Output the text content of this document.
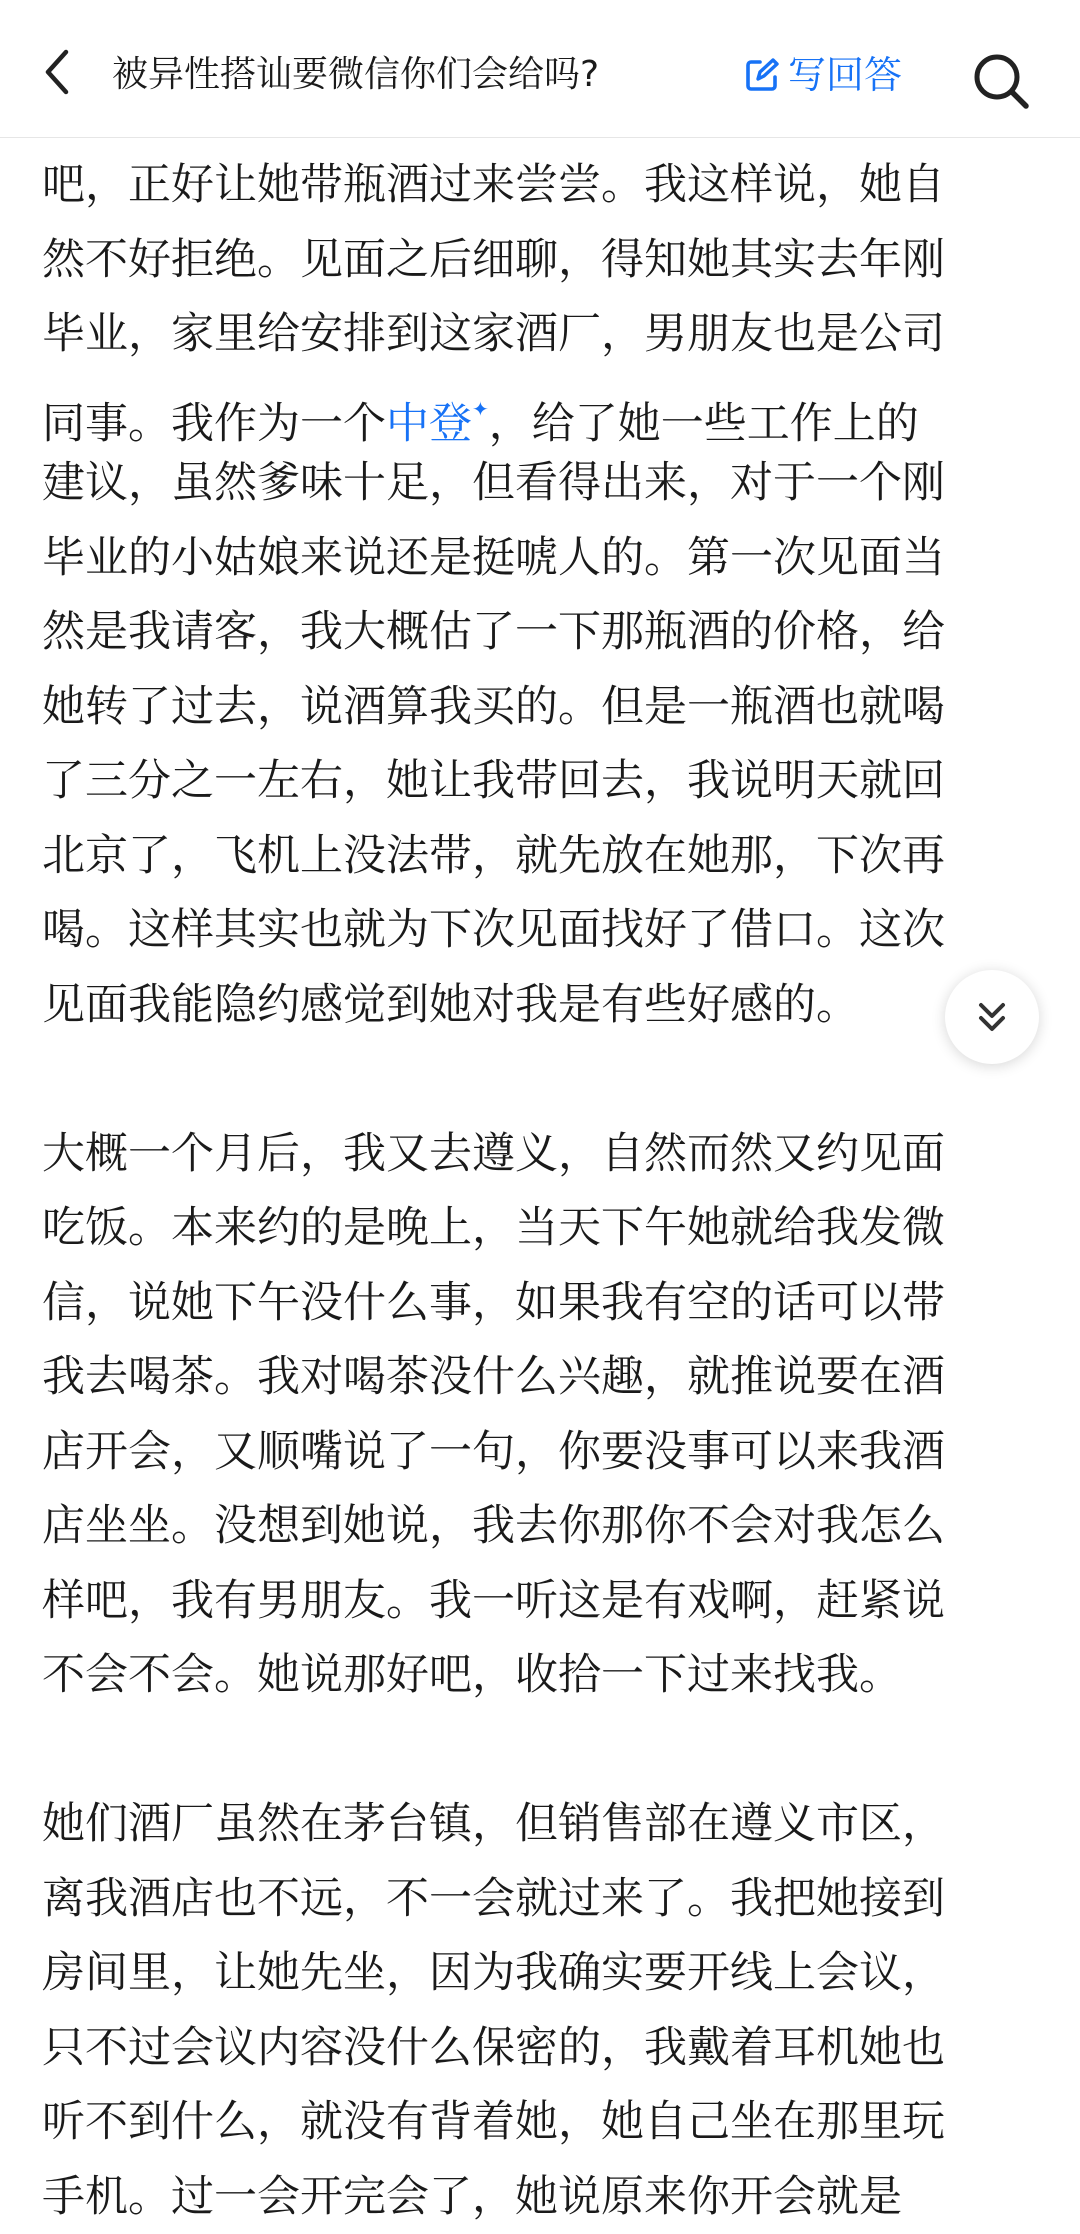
被异性搭讪要微信你们会给吗?	写回答
吧，正好让她带瓶酒过来尝尝。我这样说，她自
然不好拒绝。见面之后细聊，得知她其实去年刚
毕业，家里给安排到这家酒厂，男朋友也是公司
同事。我作为一个中登✦，给了她一些工作上的
建议，虽然爹味十足，但看得出来，对于一个刚
毕业的小姑娘来说还是挺唬人的。第一次见面当
然是我请客，我大概估了一下那瓶酒的价格，给
她转了过去，说酒算我买的。但是一瓶酒也就喝
了三分之一左右，她让我带回去，我说明天就回
北京了，飞机上没法带，就先放在她那，下次再
喝。这样其实也就为下次见面找好了借口。这次
见面我能隐约感觉到她对我是有些好感的。
大概一个月后，我又去遵义，自然而然又约见面
吃饭。本来约的是晚上，当天下午她就给我发微
信，说她下午没什么事，如果我有空的话可以带
我去喝茶。我对喝茶没什么兴趣，就推说要在酒
店开会，又顺嘴说了一句，你要没事可以来我酒
店坐坐。没想到她说，我去你那你不会对我怎么
样吧，我有男朋友。我一听这是有戏啊，赶紧说
不会不会。她说那好吧，收拾一下过来找我。
她们酒厂虽然在茅台镇，但销售部在遵义市区，
离我酒店也不远，不一会就过来了。我把她接到
房间里，让她先坐，因为我确实要开线上会议，
只不过会议内容没什么保密的，我戴着耳机她也
听不到什么，就没有背着她，她自己坐在那里玩
手机。过一会开完会了，她说原来你开会就是
